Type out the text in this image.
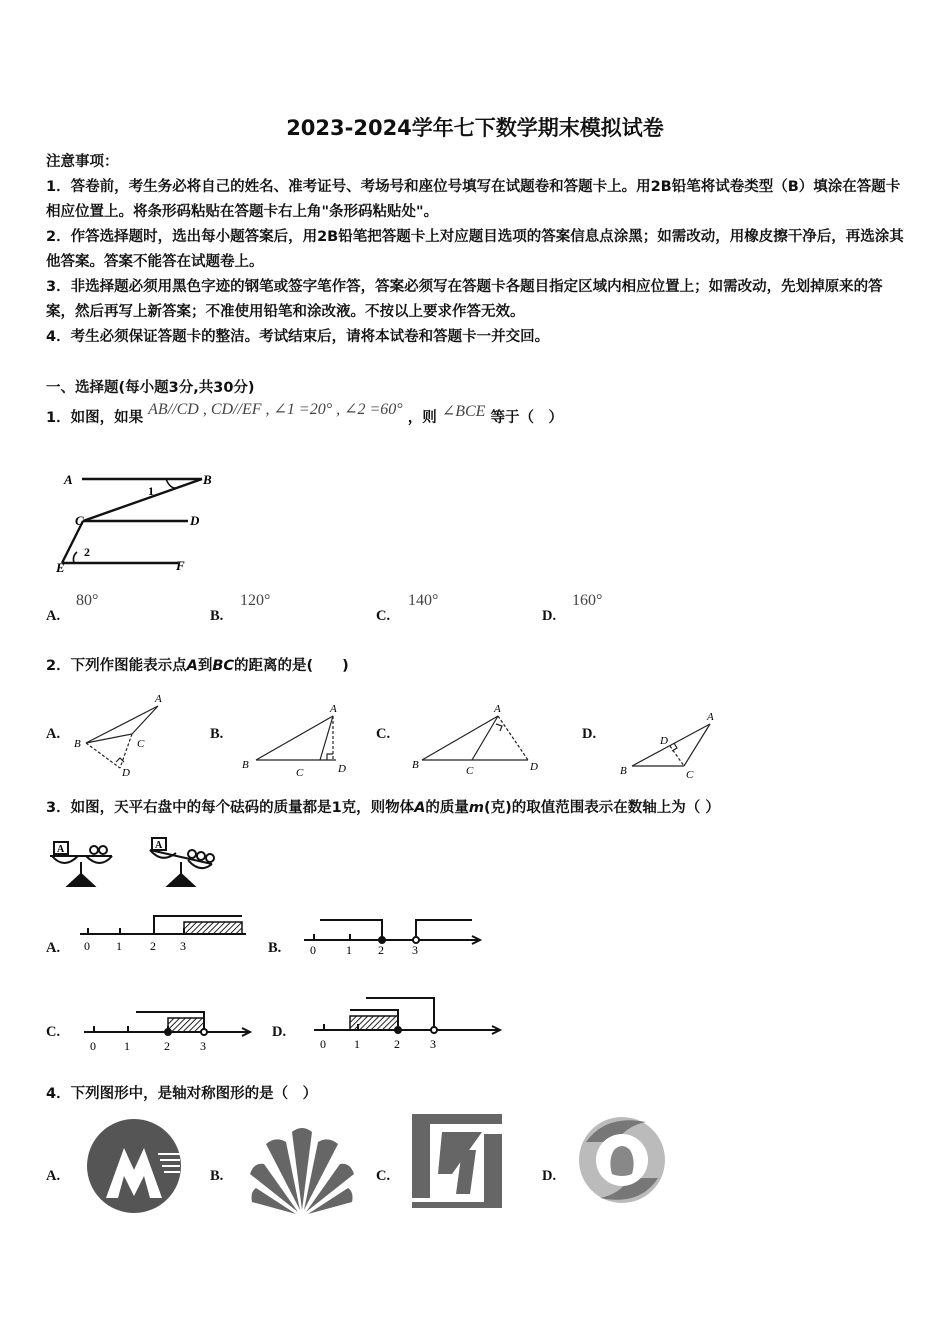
2023-2024学年七下数学期末模拟试卷
注意事项：
1．答卷前，考生务必将自己的姓名、准考证号、考场号和座位号填写在试题卷和答题卡上。用2B铅笔将试卷类型（B）填涂在答题卡相应位置上。将条形码粘贴在答题卡右上角"条形码粘贴处"。
2．作答选择题时，选出每小题答案后，用2B铅笔把答题卡上对应题目选项的答案信息点涂黑；如需改动，用橡皮擦干净后，再选涂其他答案。答案不能答在试题卷上。
3．非选择题必须用黑色字迹的钢笔或签字笔作答，答案必须写在答题卡各题目指定区域内相应位置上；如需改动，先划掉原来的答案，然后再写上新答案；不准使用铅笔和涂改液。不按以上要求作答无效。
4．考生必须保证答题卡的整洁。考试结束后，请将本试卷和答题卡一并交回。
一、选择题(每小题3分,共30分)
1．如图，如果 AB//CD , CD//EF , ∠1 =20° , ∠2 =60° ，则 ∠BCE 等于（　）
A	B
1
C	D
2
E	F
A.
80°
B.
120°
C.
140°
D.
160°
2．下列作图能表示点A到BC的距离的是(　　)
A.	B.	C.	D.
A
B	C
D
A
B
C	D
A
B	C	D
A
B	C
D
3．如图，天平右盘中的每个砝码的质量都是1克，则物体A的质量m(克)的取值范围表示在数轴上为（ ）
A	A
A. 0 1 2 3	B. 0	1 2 3
C.
0 1	2	3
D.
0 1	2	3
4．下列图形中，是轴对称图形的是（　）
A.	B.	C.	D.
